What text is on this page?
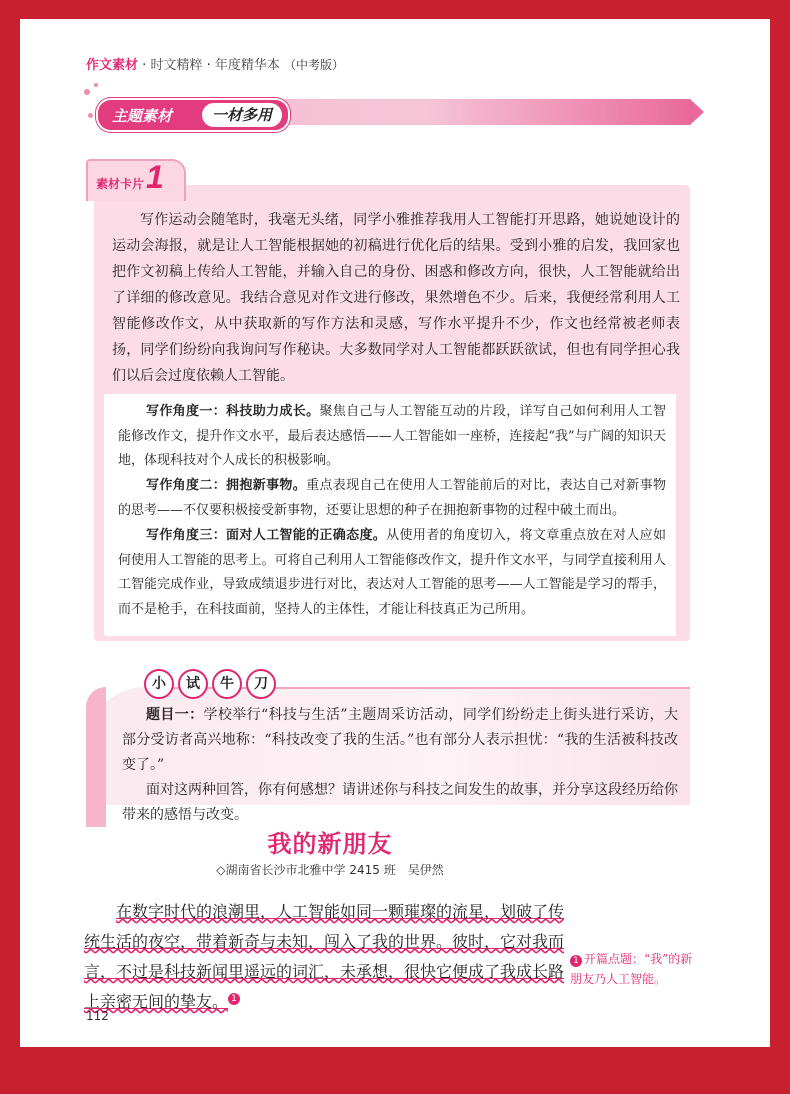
作文素材 · 时文精粹 · 年度精华本 （中考版）
主题素材	一材多用
素材卡片 1
写作运动会随笔时，我毫无头绪，同学小雅推荐我用人工智能打开思路，她说她设计的运动会海报，就是让人工智能根据她的初稿进行优化后的结果。受到小雅的启发，我回家也把作文初稿上传给人工智能，并输入自己的身份、困惑和修改方向，很快，人工智能就给出了详细的修改意见。我结合意见对作文进行修改，果然增色不少。后来，我便经常利用人工智能修改作文，从中获取新的写作方法和灵感，写作水平提升不少，作文也经常被老师表扬，同学们纷纷向我询问写作秘诀。大多数同学对人工智能都跃跃欲试，但也有同学担心我们以后会过度依赖人工智能。
写作角度一：科技助力成长。聚焦自己与人工智能互动的片段，详写自己如何利用人工智能修改作文，提升作文水平，最后表达感悟——人工智能如一座桥，连接起“我”与广阔的知识天地，体现科技对个人成长的积极影响。
写作角度二：拥抱新事物。重点表现自己在使用人工智能前后的对比，表达自己对新事物的思考——不仅要积极接受新事物，还要让思想的种子在拥抱新事物的过程中破土而出。
写作角度三：面对人工智能的正确态度。从使用者的角度切入，将文章重点放在对人应如何使用人工智能的思考上。可将自己利用人工智能修改作文，提升作文水平，与同学直接利用人工智能完成作业，导致成绩退步进行对比，表达对人工智能的思考——人工智能是学习的帮手，而不是枪手，在科技面前，坚持人的主体性，才能让科技真正为己所用。
小	试	牛	刀
题目一：学校举行“科技与生活”主题周采访活动，同学们纷纷走上街头进行采访，大部分受访者高兴地称：“科技改变了我的生活。”也有部分人表示担忧：“我的生活被科技改变了。”
面对这两种回答，你有何感想？请讲述你与科技之间发生的故事，并分享这段经历给你带来的感悟与改变。
我的新朋友
◇湖南省长沙市北雅中学 2415 班　吴伊然
在数字时代的浪潮里，人工智能如同一颗璀璨的流星，划破了传统生活的夜空，带着新奇与未知，闯入了我的世界。彼时，它对我而言，不过是科技新闻里遥远的词汇，未承想，很快它便成了我成长路上亲密无间的挚友。 1
1 开篇点题：“我”的新朋友乃人工智能。
112
